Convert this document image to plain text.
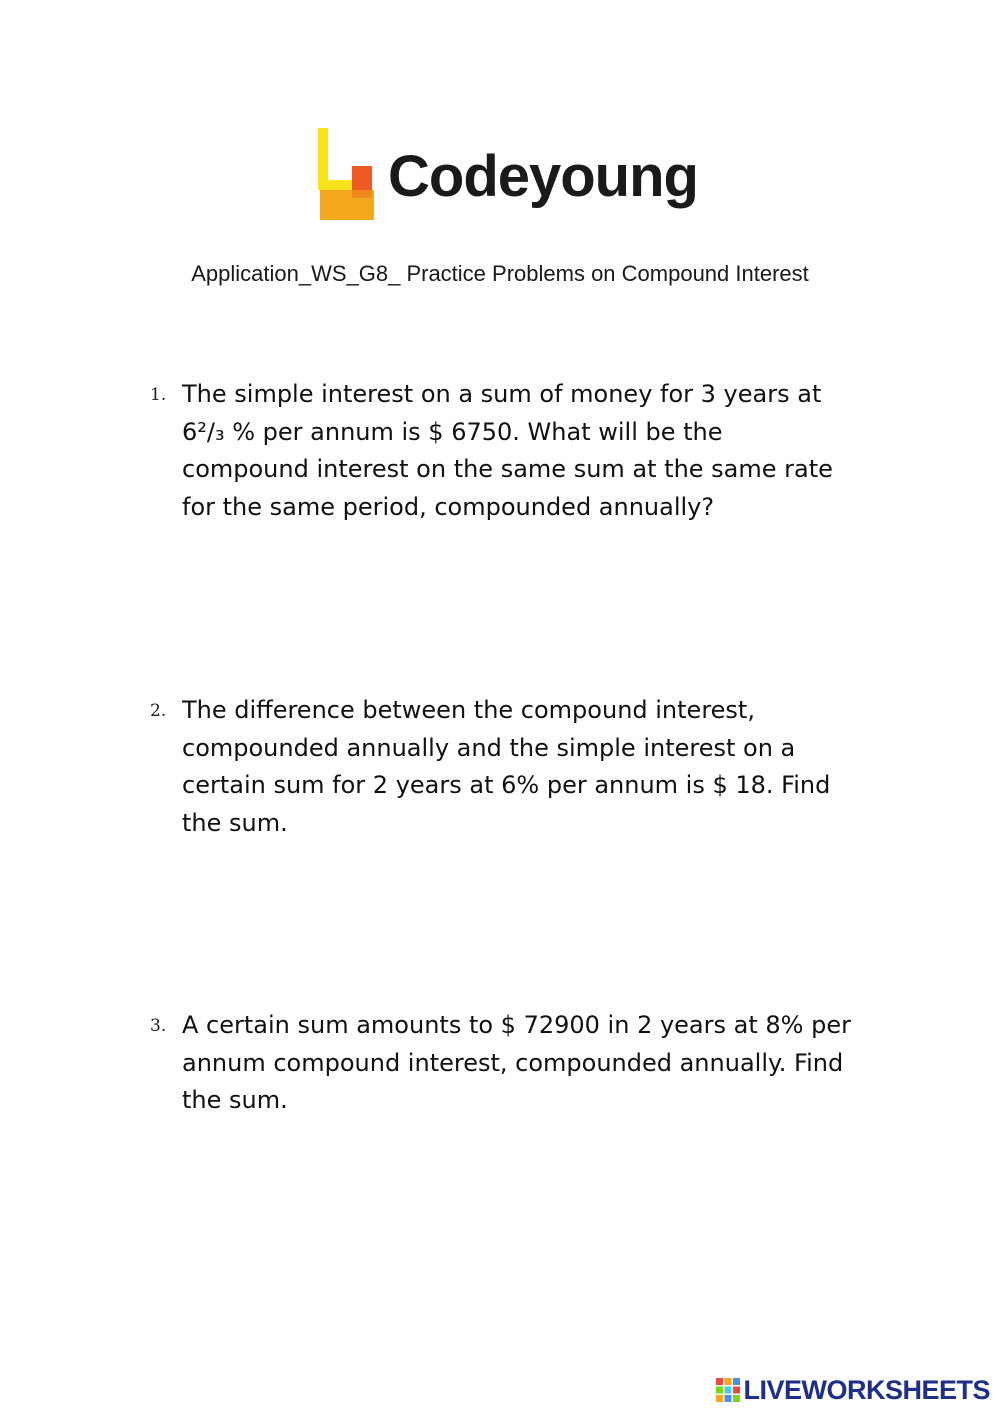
Codeyoung
Application_WS_G8_ Practice Problems on Compound Interest
1. The simple interest on a sum of money for 3 years at
6²/₃ % per annum is $ 6750. What will be the
compound interest on the same sum at the same rate
for the same period, compounded annually?
2. The difference between the compound interest,
compounded annually and the simple interest on a
certain sum for 2 years at 6% per annum is $ 18. Find
the sum.
3. A certain sum amounts to $ 72900 in 2 years at 8% per
annum compound interest, compounded annually. Find
the sum.
LIVEWORKSHEETS
